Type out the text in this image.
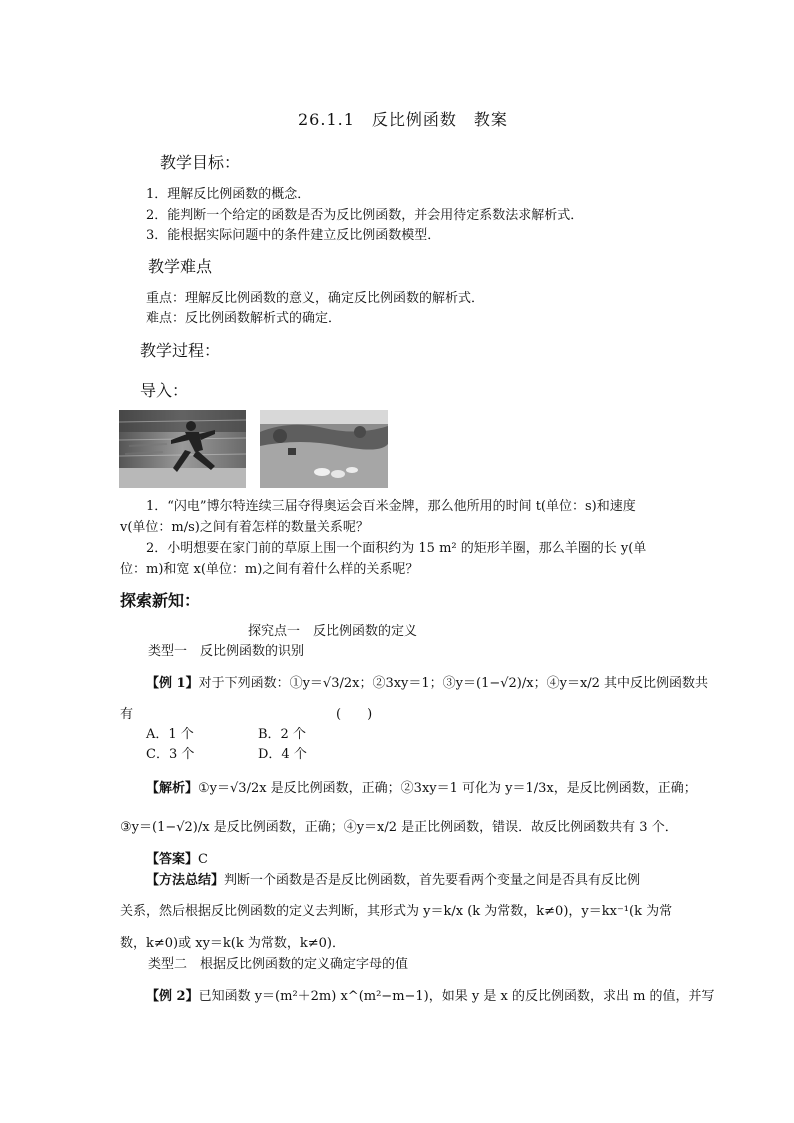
26.1.1　反比例函数　教案
教学目标：
1．理解反比例函数的概念．
2．能判断一个给定的函数是否为反比例函数，并会用待定系数法求解析式．
3．能根据实际问题中的条件建立反比例函数模型．
教学难点
重点：理解反比例函数的意义，确定反比例函数的解析式．
难点：反比例函数解析式的确定．
教学过程：
导入：
1．“闪电”博尔特连续三届夺得奥运会百米金牌，那么他所用的时间 t(单位：s)和速度
v(单位：m/s)之间有着怎样的数量关系呢？
2．小明想要在家门前的草原上围一个面积约为 15 m² 的矩形羊圈，那么羊圈的长 y(单
位：m)和宽 x(单位：m)之间有着什么样的关系呢？
探索新知：
探究点一　反比例函数的定义
类型一　反比例函数的识别
【例 1】对于下列函数：①y＝√3/2x；②3xy＝1；③y＝(1−√2)/x；④y＝x/2 其中反比例函数共
有	(　　)
A．1 个	B．2 个
C．3 个	D．4 个
【解析】①y＝√3/2x 是反比例函数，正确；②3xy＝1 可化为 y＝1/3x，是反比例函数，正确；
③y＝(1−√2)/x 是反比例函数，正确；④y＝x/2 是正比例函数，错误．故反比例函数共有 3 个．
【答案】C
【方法总结】判断一个函数是否是反比例函数，首先要看两个变量之间是否具有反比例
关系，然后根据反比例函数的定义去判断，其形式为 y＝k/x (k 为常数，k≠0)，y＝kx⁻¹(k 为常
数，k≠0)或 xy＝k(k 为常数，k≠0)．
类型二　根据反比例函数的定义确定字母的值
【例 2】已知函数 y＝(m²＋2m) x^(m²−m−1)，如果 y 是 x 的反比例函数，求出 m 的值，并写
